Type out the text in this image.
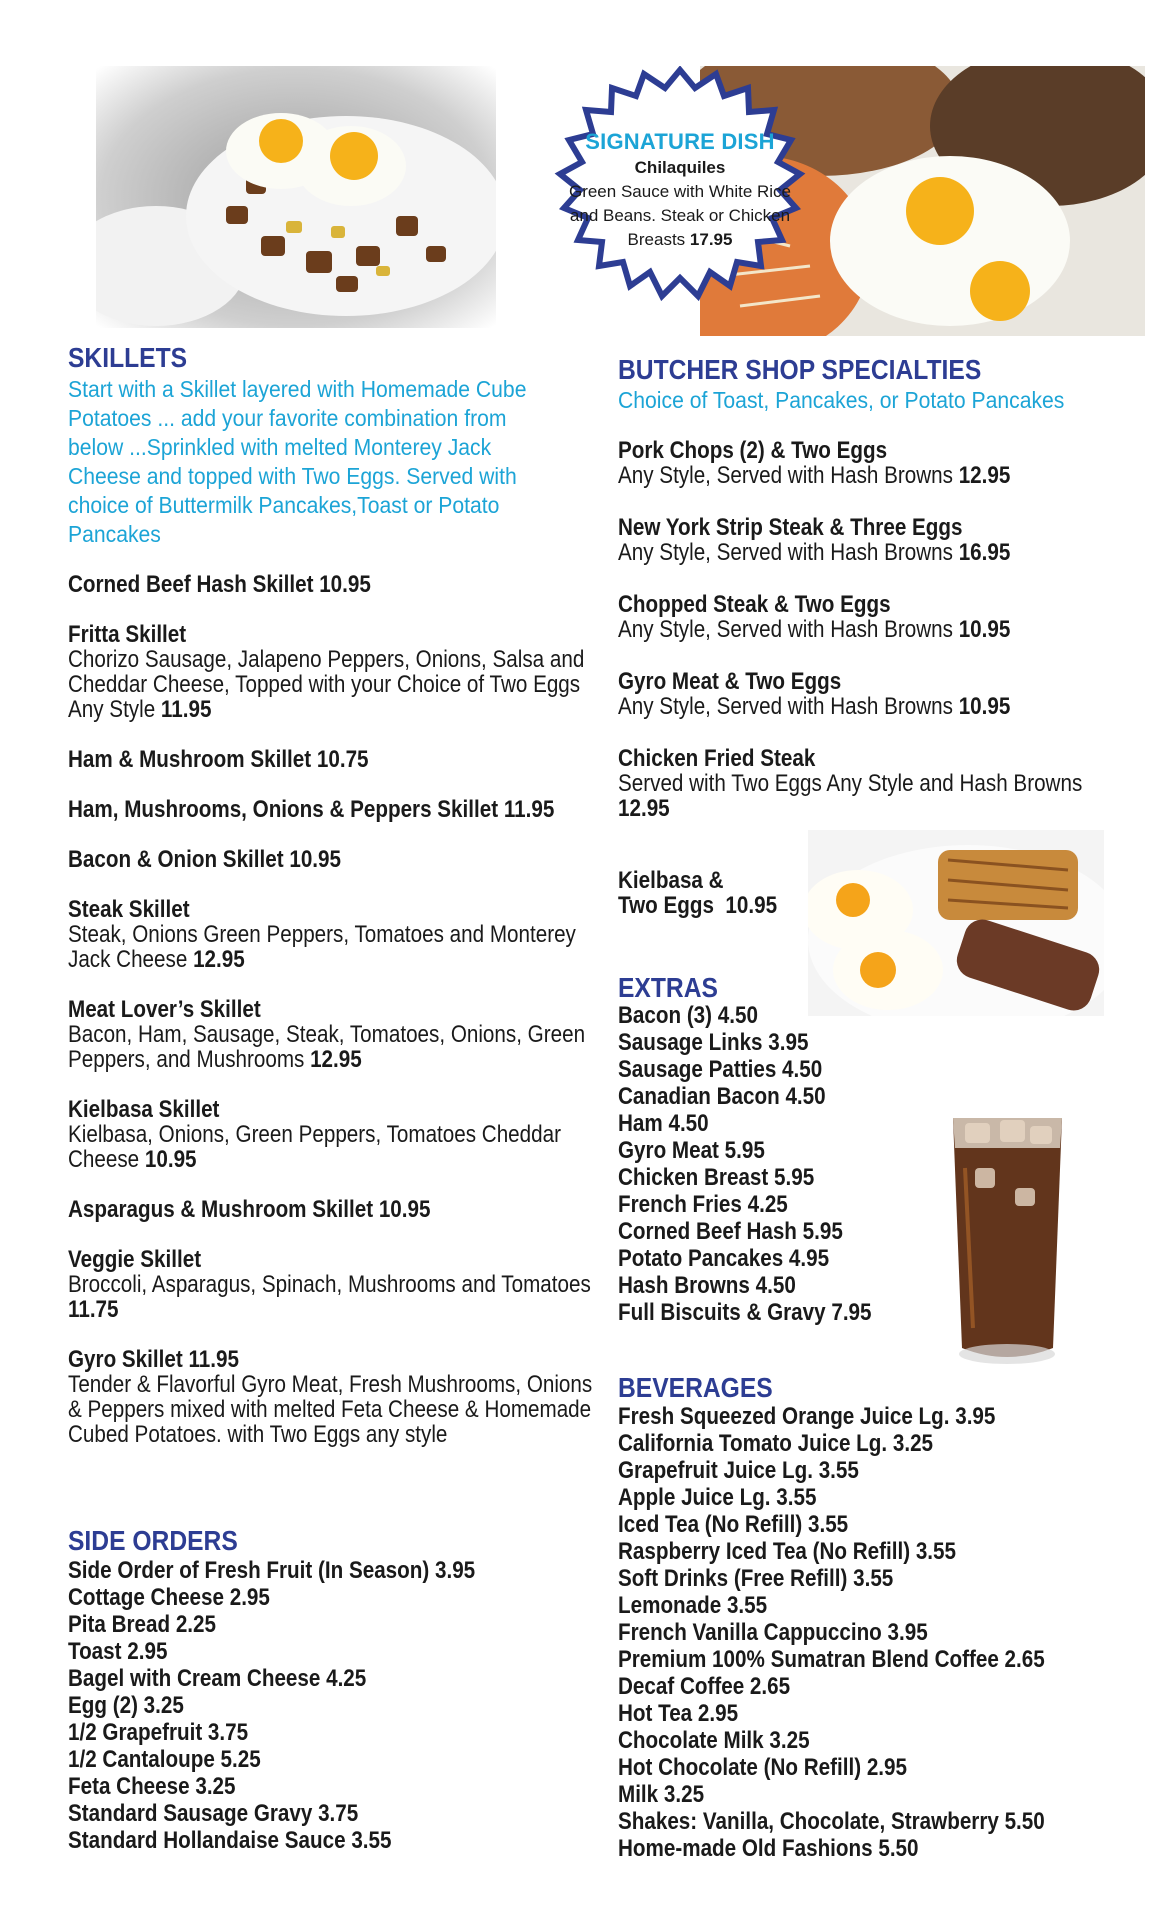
SIGNATURE DISH
Chilaquiles
Green Sauce with White Rice and Beans. Steak or Chicken Breasts 17.95
SKILLETS
Start with a Skillet layered with Homemade Cube Potatoes ... add your favorite combination from below ...Sprinkled with melted Monterey Jack Cheese and topped with Two Eggs. Served with choice of Buttermilk Pancakes,Toast or Potato Pancakes
Corned Beef Hash Skillet 10.95
Fritta Skillet
Chorizo Sausage, Jalapeno Peppers, Onions, Salsa and Cheddar Cheese, Topped with your Choice of Two Eggs Any Style 11.95
Ham & Mushroom Skillet 10.75
Ham, Mushrooms, Onions & Peppers Skillet 11.95
Bacon & Onion Skillet 10.95
Steak Skillet
Steak, Onions Green Peppers, Tomatoes and Monterey Jack Cheese 12.95
Meat Lover’s Skillet
Bacon, Ham, Sausage, Steak, Tomatoes, Onions, Green Peppers, and Mushrooms 12.95
Kielbasa Skillet
Kielbasa, Onions, Green Peppers, Tomatoes Cheddar Cheese 10.95
Asparagus & Mushroom Skillet 10.95
Veggie Skillet
Broccoli, Asparagus, Spinach, Mushrooms and Tomatoes 11.75
Gyro Skillet 11.95
Tender & Flavorful Gyro Meat, Fresh Mushrooms, Onions & Peppers mixed with melted Feta Cheese & Homemade Cubed Potatoes. with Two Eggs any style
SIDE ORDERS
Side Order of Fresh Fruit (In Season) 3.95
Cottage Cheese 2.95
Pita Bread 2.25
Toast 2.95
Bagel with Cream Cheese 4.25
Egg (2) 3.25
1/2 Grapefruit 3.75
1/2 Cantaloupe 5.25
Feta Cheese 3.25
Standard Sausage Gravy 3.75
Standard Hollandaise Sauce 3.55
BUTCHER SHOP SPECIALTIES
Choice of Toast, Pancakes, or Potato Pancakes
Pork Chops (2) & Two Eggs
Any Style, Served with Hash Browns 12.95
New York Strip Steak & Three Eggs
Any Style, Served with Hash Browns 16.95
Chopped Steak & Two Eggs
Any Style, Served with Hash Browns 10.95
Gyro Meat & Two Eggs
Any Style, Served with Hash Browns 10.95
Chicken Fried Steak
Served with Two Eggs Any Style and Hash Browns 12.95
Kielbasa &
Two Eggs 10.95
EXTRAS
Bacon (3) 4.50
Sausage Links 3.95
Sausage Patties 4.50
Canadian Bacon 4.50
Ham 4.50
Gyro Meat 5.95
Chicken Breast 5.95
French Fries 4.25
Corned Beef Hash 5.95
Potato Pancakes 4.95
Hash Browns 4.50
Full Biscuits & Gravy 7.95
BEVERAGES
Fresh Squeezed Orange Juice Lg. 3.95
California Tomato Juice Lg. 3.25
Grapefruit Juice Lg. 3.55
Apple Juice Lg. 3.55
Iced Tea (No Refill) 3.55
Raspberry Iced Tea (No Refill) 3.55
Soft Drinks (Free Refill) 3.55
Lemonade 3.55
French Vanilla Cappuccino 3.95
Premium 100% Sumatran Blend Coffee 2.65
Decaf Coffee 2.65
Hot Tea 2.95
Chocolate Milk 3.25
Hot Chocolate (No Refill) 2.95
Milk 3.25
Shakes: Vanilla, Chocolate, Strawberry 5.50
Home-made Old Fashions 5.50
